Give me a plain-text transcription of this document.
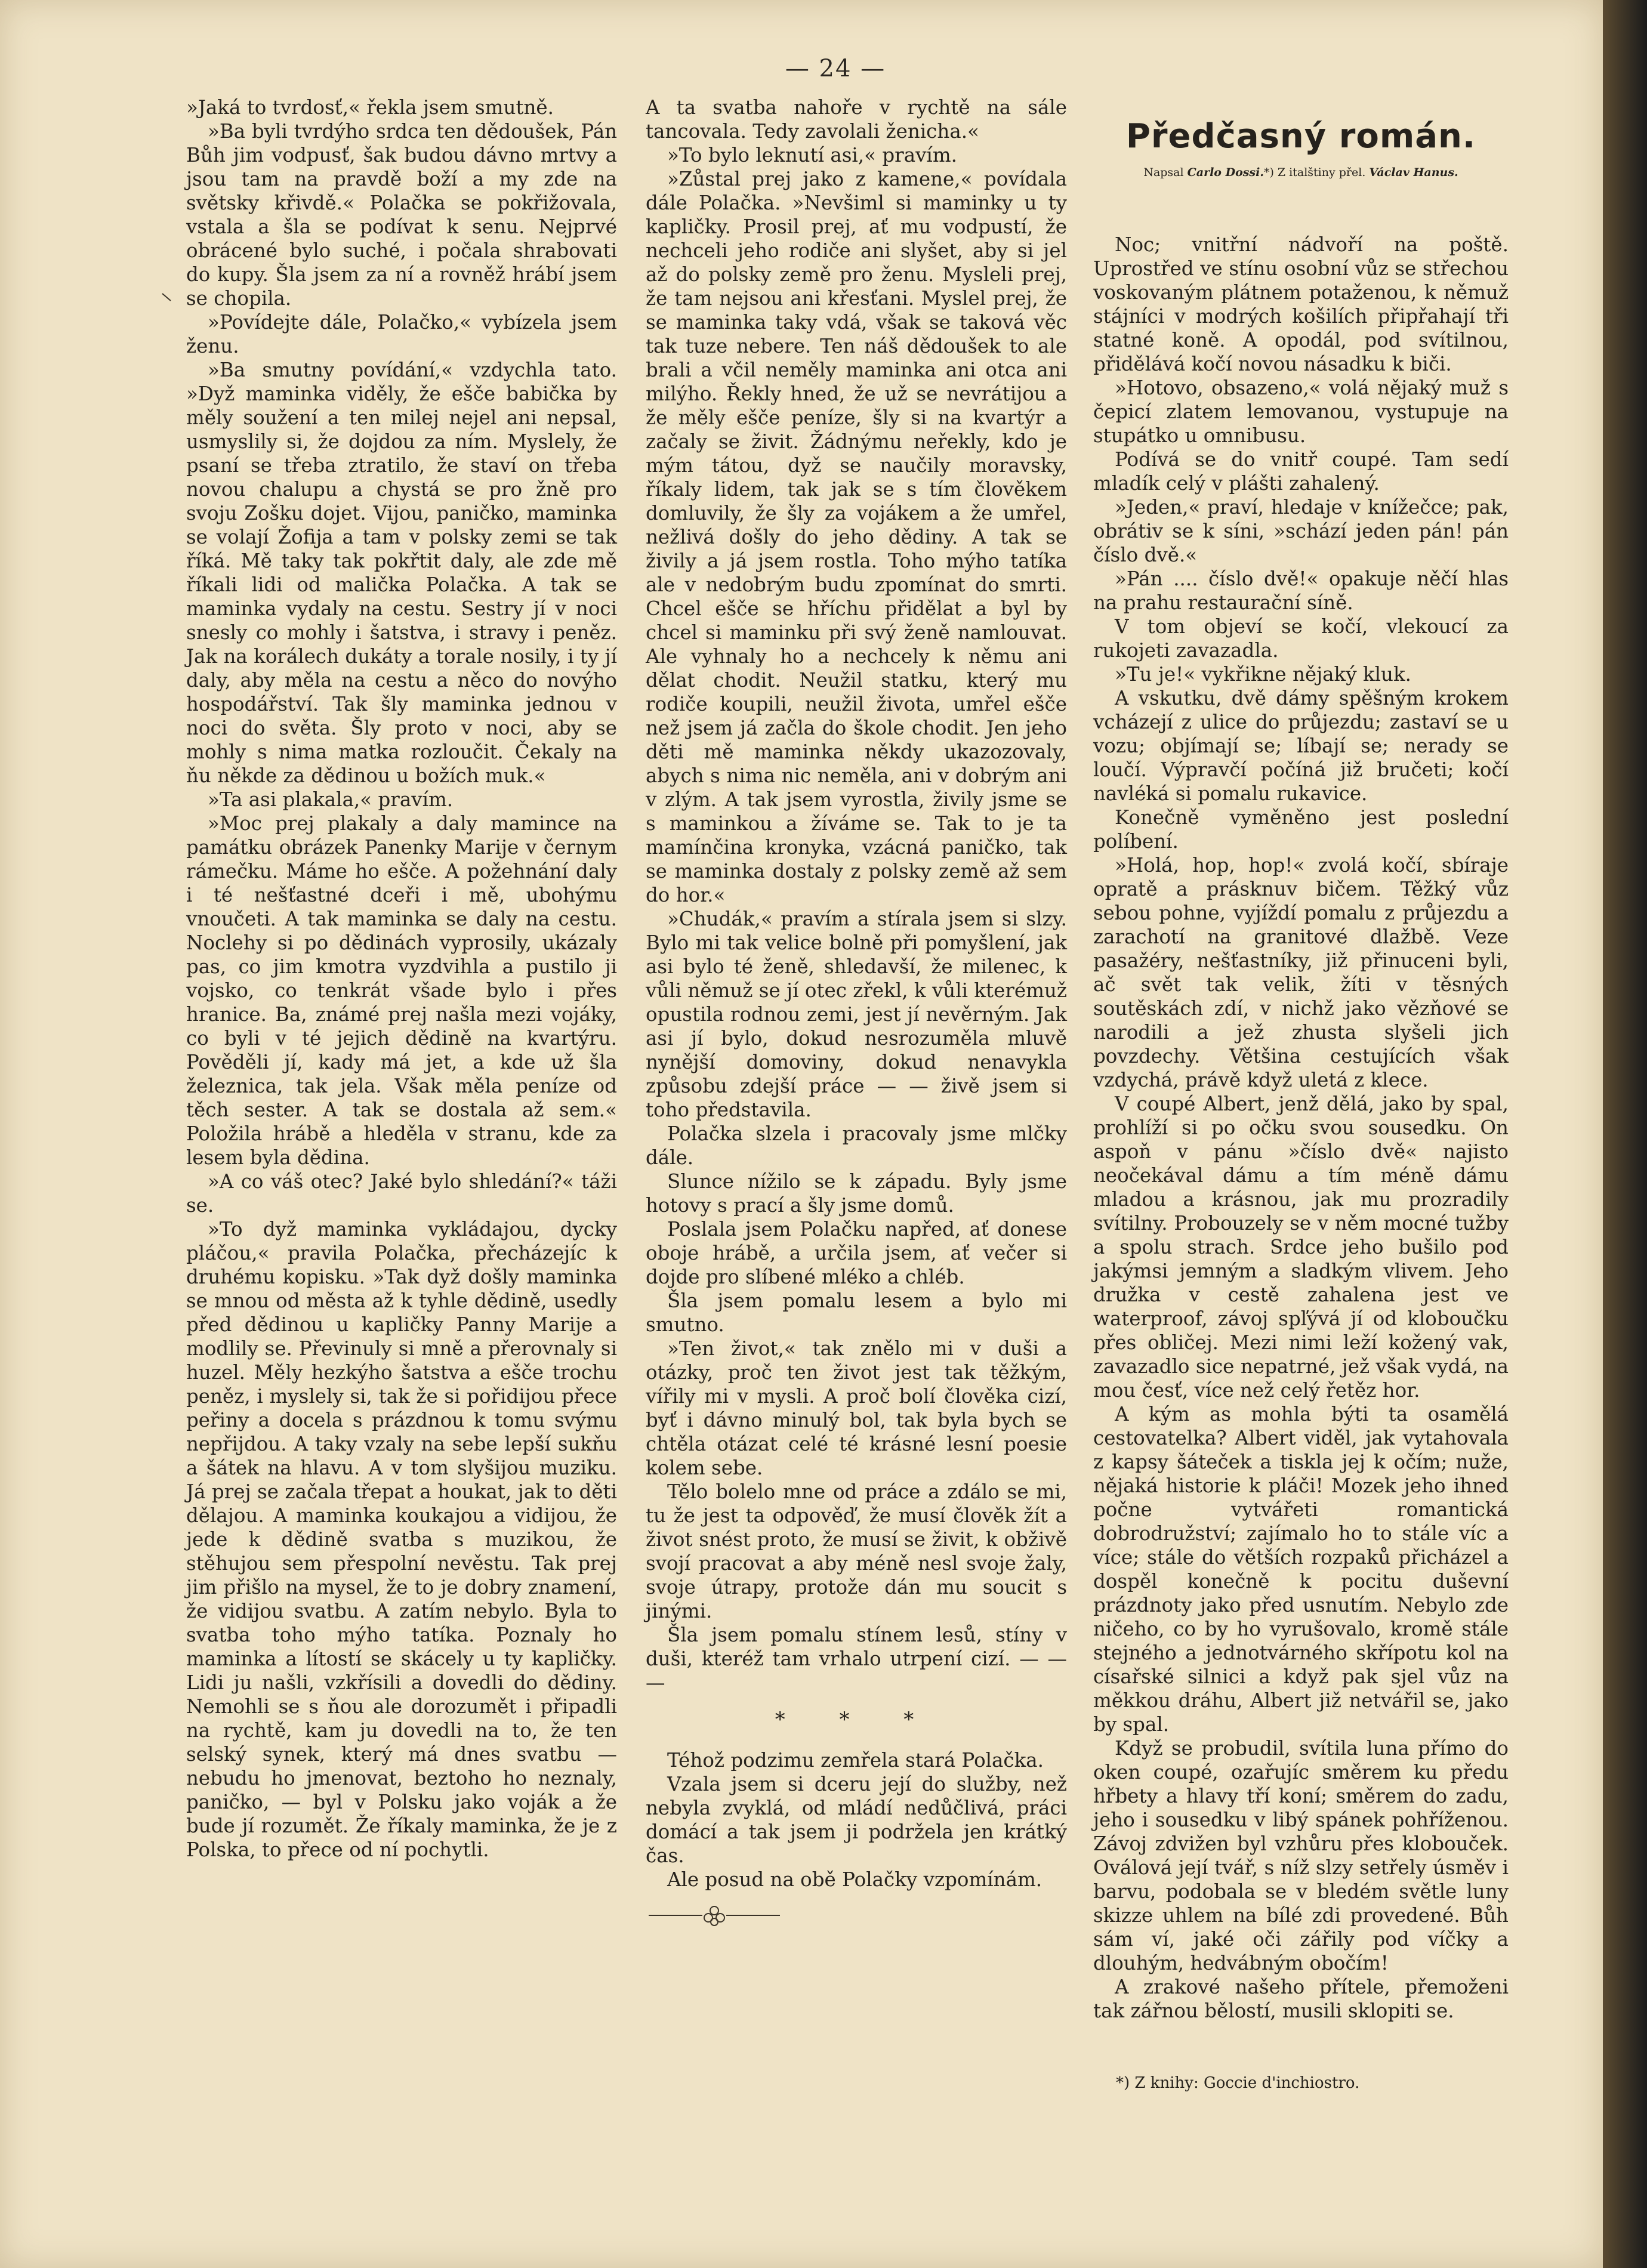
— 24 —

»Jaká to tvrdosť,« řekla jsem smutně.

»Ba byli tvrdýho srdca ten dědoušek, Pán Bůh jim vodpusť, šak budou dávno mrtvy a jsou tam na pravdě boží a my zde na světsky křivdě.« Polačka se pokřižovala, vstala a šla se podívat k senu. Nejprvé obrácené bylo suché, i počala shrabovati do kupy. Šla jsem za ní a rovněž hrábí jsem se chopila.

»Povídejte dále, Polačko,« vybízela jsem ženu.

»Ba smutny povídání,« vzdychla tato. »Dyž maminka viděly, že ešče babička by měly soužení a ten milej nejel ani nepsal, usmyslily si, že dojdou za ním. Myslely, že psaní se třeba ztratilo, že staví on třeba novou chalupu a chystá se pro žně pro svoju Zošku dojet. Vijou, paničko, maminka se volají Žofija a tam v polsky zemi se tak říká. Mě taky tak pokřtit daly, ale zde mě říkali lidi od malička Polačka. A tak se maminka vydaly na cestu. Sestry jí v noci snesly co mohly i šatstva, i stravy i peněz. Jak na korálech dukáty a torale nosily, i ty jí daly, aby měla na cestu a něco do novýho hospodářství. Tak šly maminka jednou v noci do světa. Šly proto v noci, aby se mohly s nima matka rozloučit. Čekaly na ňu někde za dědinou u božích muk.«

»Ta asi plakala,« pravím.

»Moc prej plakaly a daly mamince na památku obrázek Panenky Marije v černym rámečku. Máme ho ešče. A požehnání daly i té nešťastné dceři i mě, ubohýmu vnoučeti. A tak maminka se daly na cestu. Noclehy si po dědinách vyprosily, ukázaly pas, co jim kmotra vyzdvihla a pustilo ji vojsko, co tenkrát všade bylo i přes hranice. Ba, známé prej našla mezi vojáky, co byli v té jejich dědině na kvartýru. Pověděli jí, kady má jet, a kde už šla železnica, tak jela. Však měla peníze od těch sester. A tak se dostala až sem.« Položila hrábě a hleděla v stranu, kde za lesem byla dědina.

»A co váš otec? Jaké bylo shledání?« táži se.

»To dyž maminka vykládajou, dycky pláčou,« pravila Polačka, přecházejíc k druhému kopisku. »Tak dyž došly maminka se mnou od města až k tyhle dědině, usedly před dědinou u kapličky Panny Marije a modlily se. Převinuly si mně a přerovnaly si huzel. Měly hezkýho šatstva a ešče trochu peněz, i myslely si, tak že si pořidijou přece peřiny a docela s prázdnou k tomu svýmu nepřijdou. A taky vzaly na sebe lepší sukňu a šátek na hlavu. A v tom slyšijou muziku. Já prej se začala třepat a houkat, jak to děti dělajou. A maminka koukajou a vidijou, že jede k dědině svatba s muzikou, že stěhujou sem přespolní nevěstu. Tak prej jim přišlo na mysel, že to je dobry znamení, že vidijou svatbu. A zatím nebylo. Byla to svatba toho mýho tatíka. Poznaly ho maminka a lítostí se skácely u ty kapličky. Lidi ju našli, vzkřísili a dovedli do dědiny. Nemohli se s ňou ale dorozumět i připadli na rychtě, kam ju dovedli na to, že ten selský synek, který má dnes svatbu — nebudu ho jmenovat, beztoho ho neznaly, paničko, — byl v Polsku jako voják a že bude jí rozumět. Že říkaly maminka, že je z Polska, to přece od ní pochytli.

A ta svatba nahoře v rychtě na sále tancovala. Tedy zavolali ženicha.«

»To bylo leknutí asi,« pravím.

»Zůstal prej jako z kamene,« povídala dále Polačka. »Nevšiml si maminky u ty kapličky. Prosil prej, ať mu vodpustí, že nechceli jeho rodiče ani slyšet, aby si jel až do polsky země pro ženu. Mysleli prej, že tam nejsou ani křesťani. Myslel prej, že se maminka taky vdá, však se taková věc tak tuze nebere. Ten náš dědoušek to ale brali a včil neměly maminka ani otca ani milýho. Řekly hned, že už se nevrátijou a že měly ešče peníze, šly si na kvartýr a začaly se živit. Žádnýmu neřekly, kdo je mým tátou, dyž se naučily moravsky, říkaly lidem, tak jak se s tím člověkem domluvily, že šly za vojákem a že umřel, nežlivá došly do jeho dědiny. A tak se živily a já jsem rostla. Toho mýho tatíka ale v nedobrým budu zpomínat do smrti. Chcel ešče se hříchu přidělat a byl by chcel si maminku při svý ženě namlouvat. Ale vyhnaly ho a nechcely k němu ani dělat chodit. Neužil statku, který mu rodiče koupili, neužil života, umřel ešče než jsem já začla do škole chodit. Jen jeho děti mě maminka někdy ukazozovaly, abych s nima nic neměla, ani v dobrým ani v zlým. A tak jsem vyrostla, živily jsme se s maminkou a žíváme se. Tak to je ta mamínčina kronyka, vzácná paničko, tak se maminka dostaly z polsky země až sem do hor.«

»Chudák,« pravím a stírala jsem si slzy. Bylo mi tak velice bolně při pomyšlení, jak asi bylo té ženě, shledavší, že milenec, k vůli němuž se jí otec zřekl, k vůli kterémuž opustila rodnou zemi, jest jí nevěrným. Jak asi jí bylo, dokud nesrozuměla mluvě nynější domoviny, dokud nenavykla způsobu zdejší práce — — živě jsem si toho představila.

Polačka slzela i pracovaly jsme mlčky dále.

Slunce nížilo se k západu. Byly jsme hotovy s prací a šly jsme domů.

Poslala jsem Polačku napřed, ať donese oboje hrábě, a určila jsem, ať večer si dojde pro slíbené mléko a chléb.

Šla jsem pomalu lesem a bylo mi smutno.

»Ten život,« tak znělo mi v duši a otázky, proč ten život jest tak těžkým, vířily mi v mysli. A proč bolí člověka cizí, byť i dávno minulý bol, tak byla bych se chtěla otázat celé té krásné lesní poesie kolem sebe.

Tělo bolelo mne od práce a zdálo se mi, tu že jest ta odpověď, že musí člověk žít a život snést proto, že musí se živit, k obživě svojí pracovat a aby méně nesl svoje žaly, svoje útrapy, protože dán mu soucit s jinými.

Šla jsem pomalu stínem lesů, stíny v duši, kteréž tam vrhalo utrpení cizí. — — —

* * *

Téhož podzimu zemřela stará Polačka.

Vzala jsem si dceru její do služby, než nebyla zvyklá, od mládí nedůčlivá, práci domácí a tak jsem ji podržela jen krátký čas.

Ale posud na obě Polačky vzpomínám.

Předčasný román.
Napsal Carlo Dossi.*) Z italštiny přel. Václav Hanus.

Noc; vnitřní nádvoří na poště. Uprostřed ve stínu osobní vůz se střechou voskovaným plátnem potaženou, k němuž stájníci v modrých košilích připřahají tři statné koně. A opodál, pod svítilnou, přidělává kočí novou násadku k biči.

»Hotovo, obsazeno,« volá nějaký muž s čepicí zlatem lemovanou, vystupuje na stupátko u omnibusu.

Podívá se do vnitř coupé. Tam sedí mladík celý v plášti zahalený.

»Jeden,« praví, hledaje v knížečce; pak, obrátiv se k síni, »schází jeden pán! pán číslo dvě.«

»Pán .... číslo dvě!« opakuje něčí hlas na prahu restaurační síně.

V tom objeví se kočí, vlekoucí za rukojeti zavazadla.

»Tu je!« vykřikne nějaký kluk.

A vskutku, dvě dámy spěšným krokem vcházejí z ulice do průjezdu; zastaví se u vozu; objímají se; líbají se; nerady se loučí. Výpravčí počíná již bručeti; kočí navléká si pomalu rukavice.

Konečně vyměněno jest poslední políbení.

»Holá, hop, hop!« zvolá kočí, sbíraje opratě a prásknuv bičem. Těžký vůz sebou pohne, vyjíždí pomalu z průjezdu a zarachotí na granitové dlažbě. Veze pasažéry, nešťastníky, již přinuceni byli, ač svět tak velik, žíti v těsných soutěskách zdí, v nichž jako vězňové se narodili a jež zhusta slyšeli jich povzdechy. Většina cestujících však vzdychá, právě když uletá z klece.

V coupé Albert, jenž dělá, jako by spal, prohlíží si po očku svou sousedku. On aspoň v pánu »číslo dvě« najisto neočekával dámu a tím méně dámu mladou a krásnou, jak mu prozradily svítilny. Probouzely se v něm mocné tužby a spolu strach. Srdce jeho bušilo pod jakýmsi jemným a sladkým vlivem. Jeho družka v cestě zahalena jest ve waterproof, závoj spľývá jí od kloboučku přes obličej. Mezi nimi leží kožený vak, zavazadlo sice nepatrné, jež však vydá, na mou česť, více než celý řetěz hor.

A kým as mohla býti ta osamělá cestovatelka? Albert viděl, jak vytahovala z kapsy šáteček a tiskla jej k očím; nuže, nějaká historie k pláči! Mozek jeho ihned počne vytvářeti romantická dobrodružství; zajímalo ho to stále víc a více; stále do větších rozpaků přicházel a dospěl konečně k pocitu duševní prázdnoty jako před usnutím. Nebylo zde ničeho, co by ho vyrušovalo, kromě stále stejného a jednotvárného skřípotu kol na císařské silnici a když pak sjel vůz na měkkou dráhu, Albert již netvářil se, jako by spal.

Když se probudil, svítila luna přímo do oken coupé, ozařujíc směrem ku předu hřbety a hlavy tří koní; směrem do zadu, jeho i sousedku v libý spánek pohříženou. Závoj zdvižen byl vzhůru přes klobouček. Oválová její tvář, s níž slzy setřely úsměv i barvu, podobala se v bledém světle luny skizze uhlem na bílé zdi provedené. Bůh sám ví, jaké oči zářily pod víčky a dlouhým, hedvábným obočím!

A zrakové našeho přítele, přemoženi tak zářnou bělostí, musili sklopiti se.

*) Z knihy: Goccie d'inchiostro.
